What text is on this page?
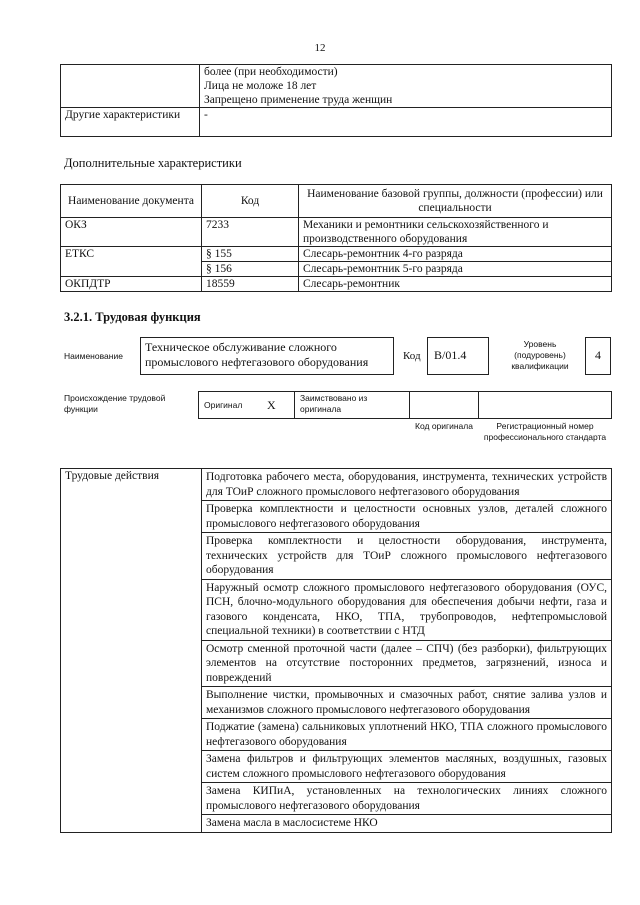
12

	более (при необходимости)
Лица не моложе 18 лет
Запрещено применение труда женщин

Другие характеристики	-
Дополнительные характеристики
Наименование документа	Код	Наименование базовой группы, должности (профессии) или специальности
ОКЗ	7233	Механики и ремонтники сельскохозяйственного и производственного оборудования
ЕТКС	§ 155	Слесарь-ремонтник 4-го разряда
	§ 156	Слесарь-ремонтник 5-го разряда
ОКПДТР	18559	Слесарь-ремонтник
3.2.1. Трудовая функция
Наименование
Техническое обслуживание сложного промыслового нефтегазового оборудования	Код	В/01.4
Уровень (подуровень) квалификации
4
Происхождение трудовой функции	Оригинал X	Заимствовано из оригинала
Код оригинала	Регистрационный номер профессионального стандарта
Трудовые действия	Подготовка рабочего места, оборудования, инструмента, технических устройств для ТОиР сложного промыслового нефтегазового оборудования
Проверка комплектности и целостности основных узлов, деталей сложного промыслового нефтегазового оборудования
Проверка комплектности и целостности оборудования, инструмента, технических устройств для ТОиР сложного промыслового нефтегазового оборудования
Наружный осмотр сложного промыслового нефтегазового оборудования (ОУС, ПСН, блочно-модульного оборудования для обеспечения добычи нефти, газа и газового конденсата, НКО, ТПА, трубопроводов, нефтепромысловой специальной техники) в соответствии с НТД
Осмотр сменной проточной части (далее – СПЧ) (без разборки), фильтрующих элементов на отсутствие посторонних предметов, загрязнений, износа и повреждений
Выполнение чистки, промывочных и смазочных работ, снятие залива узлов и механизмов сложного промыслового нефтегазового оборудования
Поджатие (замена) сальниковых уплотнений НКО, ТПА сложного промыслового нефтегазового оборудования
Замена фильтров и фильтрующих элементов масляных, воздушных, газовых систем сложного промыслового нефтегазового оборудования
Замена КИПиА, установленных на технологических линиях сложного промыслового нефтегазового оборудования
Замена масла в маслосистеме НКО
